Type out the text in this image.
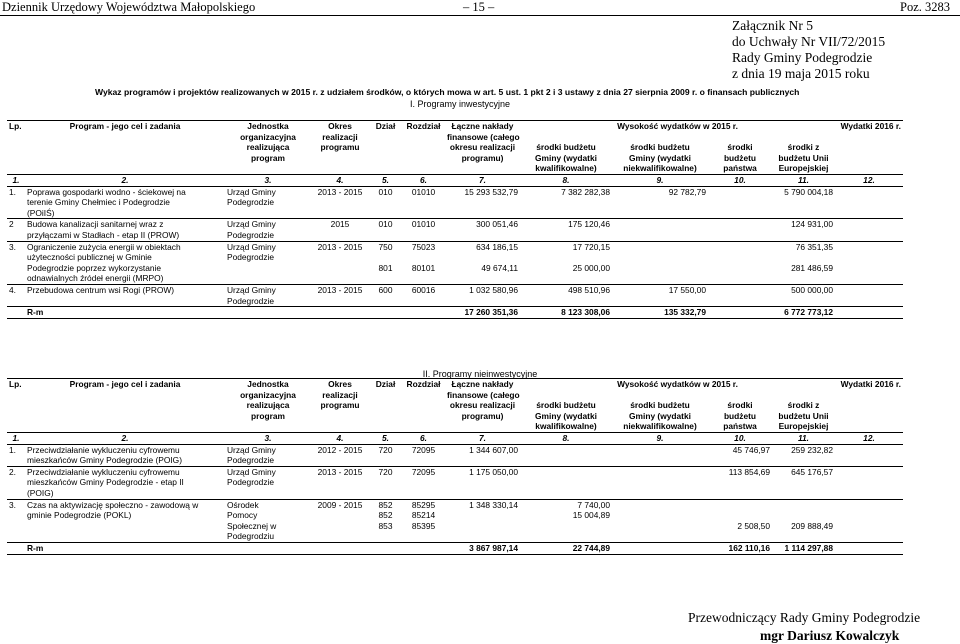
Dziennik Urzędowy Województwa Małopolskiego	– 15 –	Poz. 3283
Załącznik Nr 5
do Uchwały Nr VII/72/2015
Rady Gminy Podegrodzie
z dnia 19 maja 2015 roku
Wykaz programów i projektów realizowanych w 2015 r. z udziałem środków, o których mowa w art. 5 ust. 1 pkt 2 i 3 ustawy z dnia 27 sierpnia 2009 r. o finansach publicznych
I. Programy inwestycyjne
Lp.	Program - jego cel i zadania	Jednostka	Okres	Dział	Rozdział	Łączne nakłady	Wysokość wydatków w 2015 r.				Wydatki 2016 r.
		organizacyjna	realizacji			finansowe (całego					
		realizująca	programu			okresu realizacji	środki budżetu	środki budżetu	środki	środki z	
		program				programu)	Gminy (wydatki	Gminy (wydatki	budżetu	budżetu Unii	
							kwalifikowalne)	niekwalifikowalne)	państwa	Europejskiej	
1.	2.	3.	4.	5.	6.	7.	8.	9.	10.	11.	12.
1.	Poprawa gospodarki wodno - ściekowej na	Urząd Gminy	2013 - 2015	010	01010	15 293 532,79	7 382 282,38	92 782,79		5 790 004,18	
	terenie Gminy Chełmiec i Podegrodzie	Podegrodzie									
	(POiIŚ)										
2	Budowa kanalizacji sanitarnej wraz z	Urząd Gminy	2015	010	01010	300 051,46	175 120,46			124 931,00	
	przyłączami w Stadłach - etap II (PROW)	Podegrodzie									
3.	Ograniczenie zużycia energii w obiektach	Urząd Gminy	2013 - 2015	750	75023	634 186,15	17 720,15			76 351,35	
	użyteczności publicznej w Gminie	Podegrodzie									
	Podegrodzie poprzez wykorzystanie			801	80101	49 674,11	25 000,00			281 486,59	
	odnawialnych źródeł energii (MRPO)										
4.	Przebudowa centrum wsi Rogi (PROW)	Urząd Gminy	2013 - 2015	600	60016	1 032 580,96	498 510,96	17 550,00		500 000,00	
		Podegrodzie									
	R-m					17 260 351,36	8 123 308,06	135 332,79		6 772 773,12	
II. Programy nieinwestycyjne
Lp.	Program - jego cel i zadania	Jednostka	Okres	Dział	Rozdział	Łączne nakłady	Wysokość wydatków w 2015 r.				Wydatki 2016 r.
		organizacyjna	realizacji			finansowe (całego					
		realizująca	programu			okresu realizacji	środki budżetu	środki budżetu	środki	środki z	
		program				programu)	Gminy (wydatki	Gminy (wydatki	budżetu	budżetu Unii	
							kwalifikowalne)	niekwalifikowalne)	państwa	Europejskiej	
1.	2.	3.	4.	5.	6.	7.	8.	9.	10.	11.	12.
1.	Przeciwdziałanie wykluczeniu cyfrowemu	Urząd Gminy	2012 - 2015	720	72095	1 344 607,00			45 746,97	259 232,82	
	mieszkańców Gminy Podegrodzie (POIG)	Podegrodzie									
2.	Przeciwdziałanie wykluczeniu cyfrowemu	Urząd Gminy	2013 - 2015	720	72095	1 175 050,00			113 854,69	645 176,57	
	mieszkańców Gminy Podegrodzie - etap II	Podegrodzie									
	(POIG)										
3.	Czas na aktywizację społeczno - zawodową w	Ośrodek	2009 - 2015	852	85295	1 348 330,14	7 740,00				
	gminie Podegrodzie (POKL)	Pomocy		852	85214		15 004,89				
		Społecznej w		853	85395				2 508,50	209 888,49	
		Podegrodziu									
	R-m					3 867 987,14	22 744,89		162 110,16	1 114 297,88	
Przewodniczący Rady Gminy Podegrodzie
mgr Dariusz Kowalczyk
